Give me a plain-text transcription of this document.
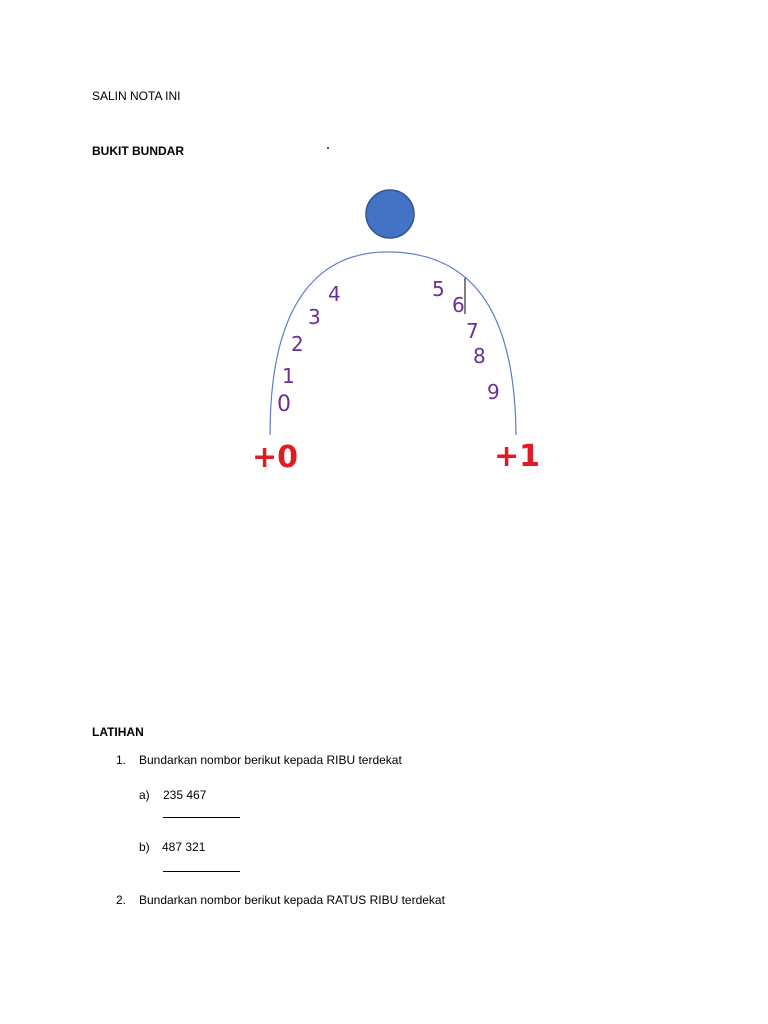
SALIN NOTA INI
BUKIT BUNDAR
0
1
2
3
4	5
6
7
8
9
+0	+1
LATIHAN
1. Bundarkan nombor berikut kepada RIBU terdekat
a) 235 467
b) 487 321
2. Bundarkan nombor berikut kepada RATUS RIBU terdekat
